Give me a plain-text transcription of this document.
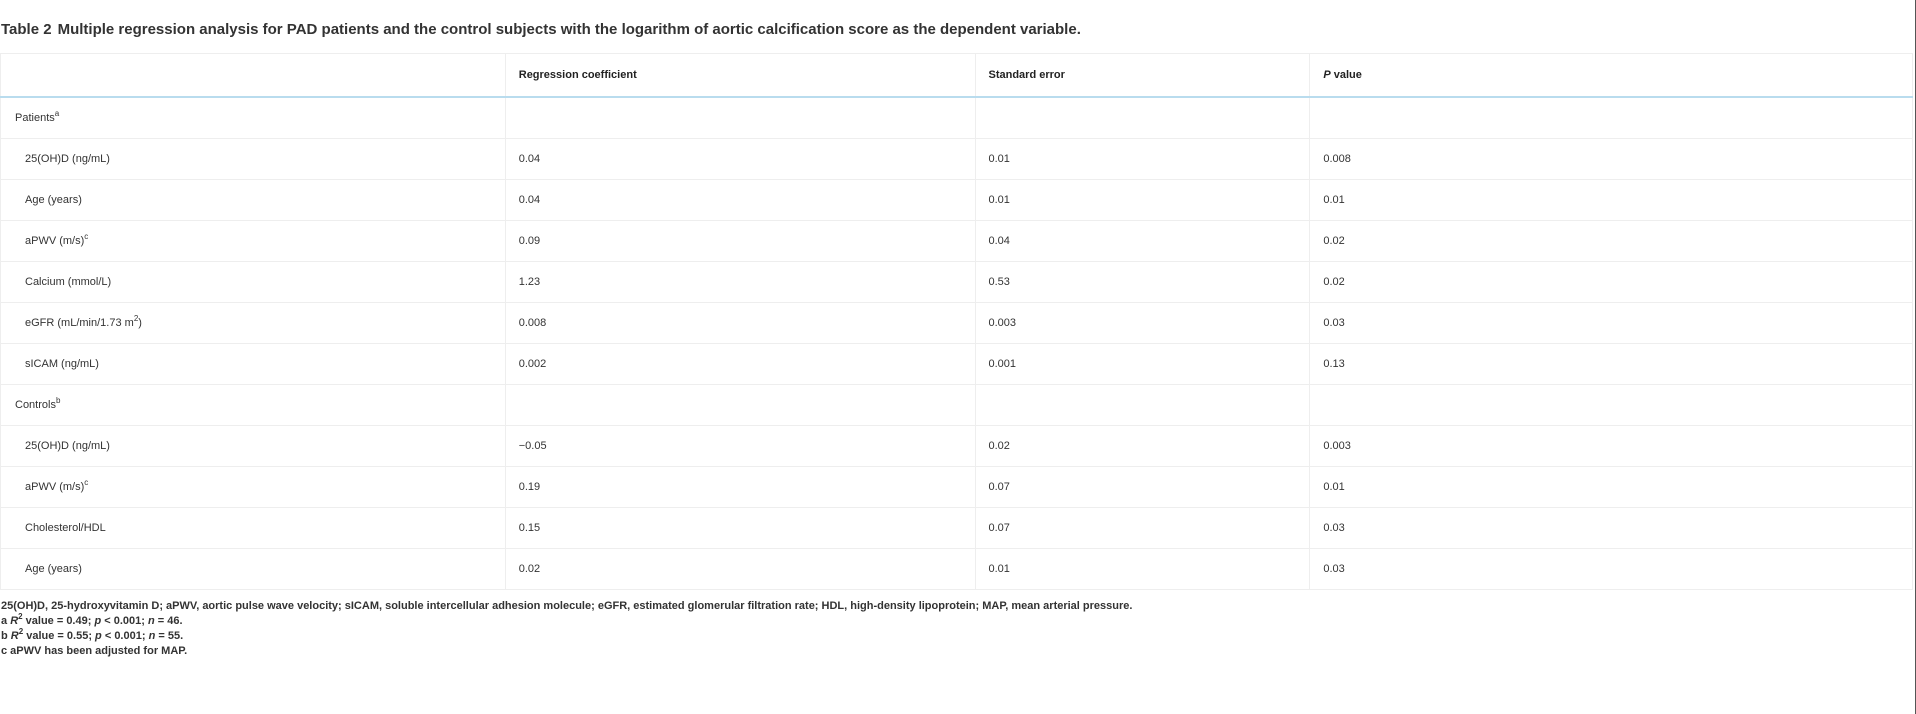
Table 2 Multiple regression analysis for PAD patients and the control subjects with the logarithm of aortic calcification score as the dependent variable.
	Regression coefficient	Standard error	P value
Patients$^a$			
25(OH)D (ng/mL)	0.04	0.01	0.008
Age (years)	0.04	0.01	0.01
aPWV $(m/s)^c$	0.09	0.04	0.02
Calcium (mmol/L)	1.23	0.53	0.02
eGFR (mL/min/1.73 $m^2$)	0.008	0.003	0.03
sICAM (ng/mL)	0.002	0.001	0.13
Controls$^b$			
25(OH)D (ng/mL)	−0.05	0.02	0.003
aPWV $(m/s)^c$	0.19	0.07	0.01
Cholesterol/HDL	0.15	0.07	0.03
Age (years)	0.02	0.01	0.03
25(OH)D, 25-hydroxyvitamin D; aPWV, aortic pulse wave velocity; sICAM, soluble intercellular adhesion molecule; eGFR, estimated glomerular filtration rate; HDL, high-density lipoprotein; MAP, mean arterial pressure.
a $R^2$ value = 0.49; p < 0.001; n = 46.
b $R^2$ value = 0.55; p < 0.001; n = 55.
c aPWV has been adjusted for MAP.
